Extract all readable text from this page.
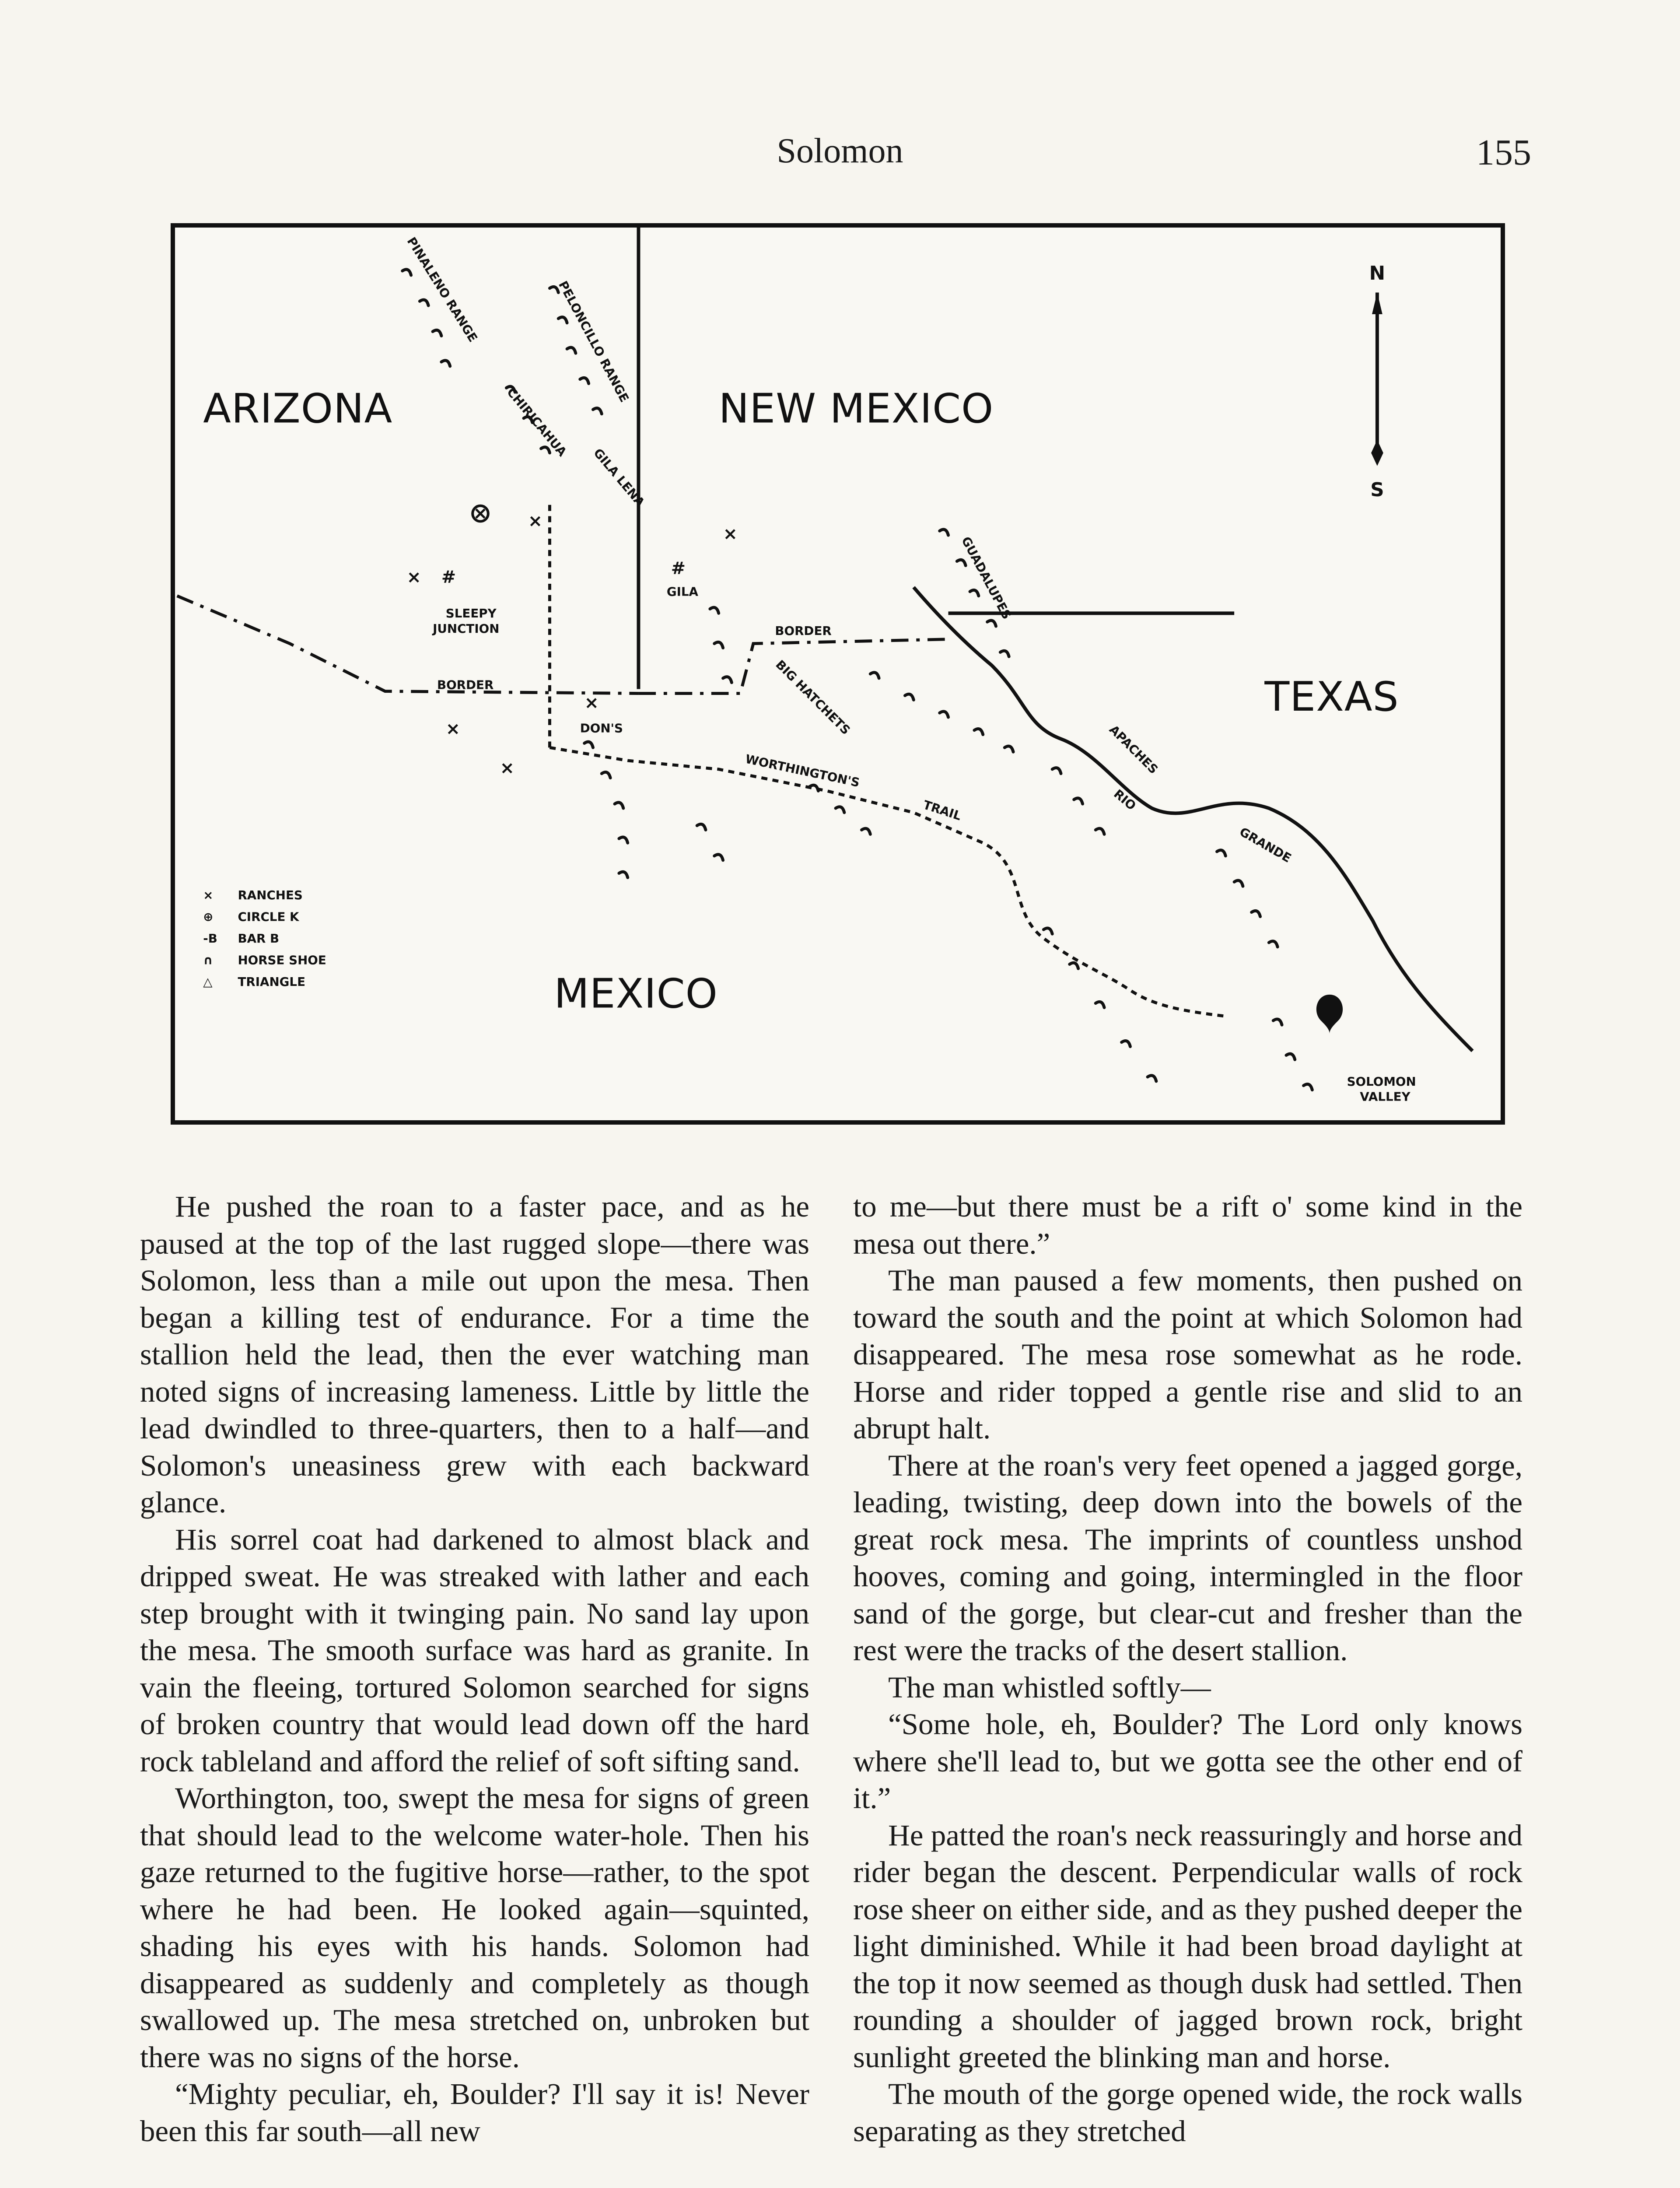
Solomon	155
×
×
×
×
×
×
#	#
N
S
ARIZONA	NEW MEXICO
TEXAS
MEXICO
PINALENO RANGE	PELONCILLO RANGE
CHIRICAHUA
GILA LENA
GUADALUPES
BIG HATCHETS
APACHES
SLEEPY
JUNCTION
GILA
DON'S
SOLOMON
VALLEY
BORDER
BORDER
WORTHINGTON'S
TRAIL	RIO
GRANDE
× RANCHES
⊕ CIRCLE K
-B BAR B
∩ HORSE SHOE
△ TRIANGLE

He pushed the roan to a faster pace, and as he paused at the top of the last rugged slope—there was Solomon, less than a mile out upon the mesa. Then began a killing test of endurance. For a time the stallion held the lead, then the ever watching man noted signs of increasing lameness. Little by little the lead dwindled to three-quarters, then to a half—and Solomon's uneasiness grew with each backward glance.

His sorrel coat had darkened to almost black and dripped sweat. He was streaked with lather and each step brought with it twinging pain. No sand lay upon the mesa. The smooth surface was hard as granite. In vain the fleeing, tortured Solomon searched for signs of broken country that would lead down off the hard rock tableland and afford the relief of soft sifting sand.

Worthington, too, swept the mesa for signs of green that should lead to the welcome water-hole. Then his gaze returned to the fugitive horse—rather, to the spot where he had been. He looked again—squinted, shading his eyes with his hands. Solomon had disappeared as suddenly and completely as though swallowed up. The mesa stretched on, unbroken but there was no signs of the horse.

“Mighty peculiar, eh, Boulder? I'll say it is! Never been this far south—all new

to me—but there must be a rift o' some kind in the mesa out there.”

The man paused a few moments, then pushed on toward the south and the point at which Solomon had disappeared. The mesa rose somewhat as he rode. Horse and rider topped a gentle rise and slid to an abrupt halt.

There at the roan's very feet opened a jagged gorge, leading, twisting, deep down into the bowels of the great rock mesa. The imprints of countless unshod hooves, coming and going, intermingled in the floor sand of the gorge, but clear-cut and fresher than the rest were the tracks of the desert stallion.

The man whistled softly—

“Some hole, eh, Boulder? The Lord only knows where she'll lead to, but we gotta see the other end of it.”

He patted the roan's neck reassuringly and horse and rider began the descent. Perpendicular walls of rock rose sheer on either side, and as they pushed deeper the light diminished. While it had been broad daylight at the top it now seemed as though dusk had settled. Then rounding a shoulder of jagged brown rock, bright sunlight greeted the blinking man and horse.

The mouth of the gorge opened wide, the rock walls separating as they stretched
